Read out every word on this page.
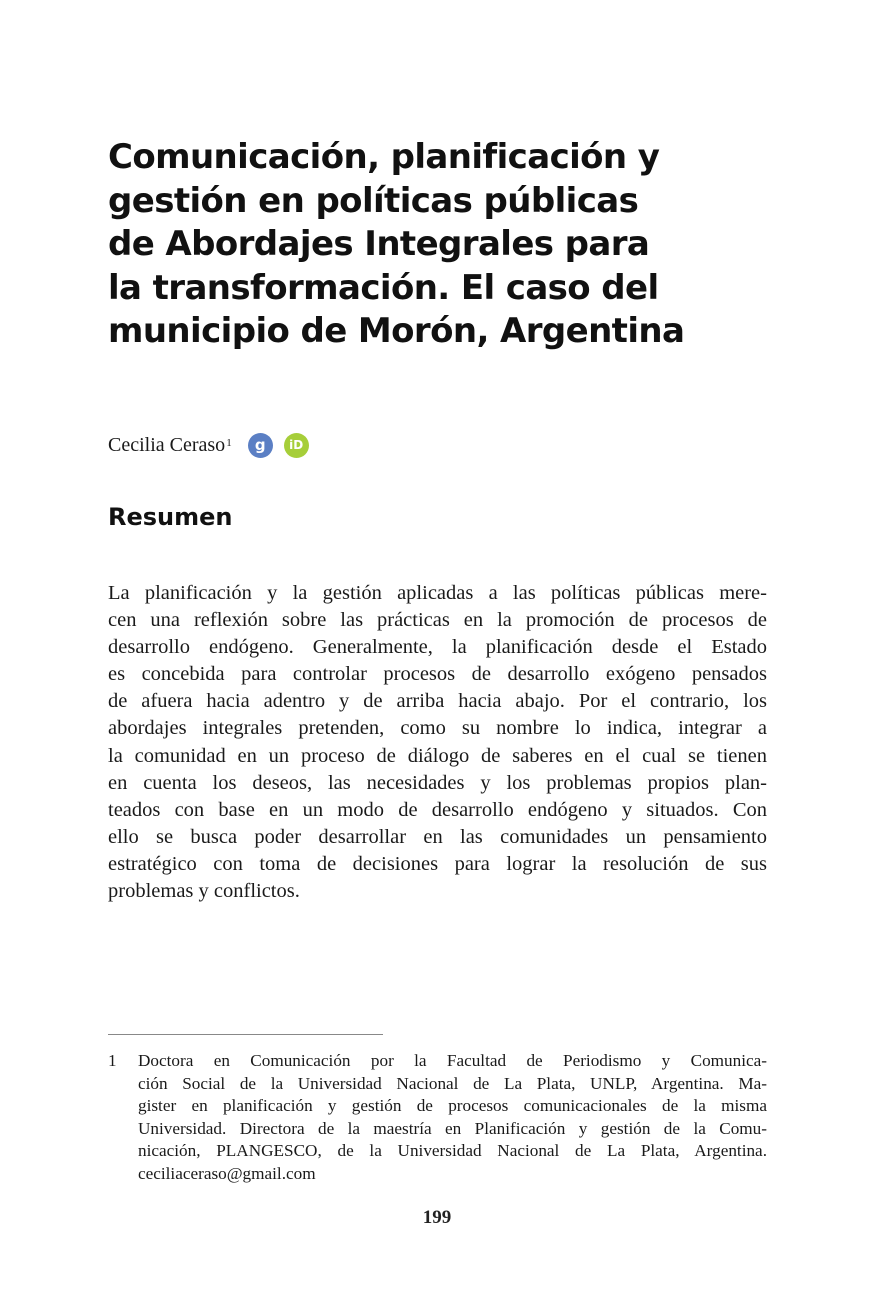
Comunicación, planificación y
gestión en políticas públicas
de Abordajes Integrales para
la transformación. El caso del
municipio de Morón, Argentina
Cecilia Ceraso$^1$	g	iD
Resumen
La planificación y la gestión aplicadas a las políticas públicas mere-
cen una reflexión sobre las prácticas en la promoción de procesos de
desarrollo endógeno. Generalmente, la planificación desde el Estado
es concebida para controlar procesos de desarrollo exógeno pensados
de afuera hacia adentro y de arriba hacia abajo. Por el contrario, los
abordajes integrales pretenden, como su nombre lo indica, integrar a
la comunidad en un proceso de diálogo de saberes en el cual se tienen
en cuenta los deseos, las necesidades y los problemas propios plan-
teados con base en un modo de desarrollo endógeno y situados. Con
ello se busca poder desarrollar en las comunidades un pensamiento
estratégico con toma de decisiones para lograr la resolución de sus
problemas y conflictos.
1 Doctora en Comunicación por la Facultad de Periodismo y Comunica-
ción Social de la Universidad Nacional de La Plata, UNLP, Argentina. Ma-
gister en planificación y gestión de procesos comunicacionales de la misma
Universidad. Directora de la maestría en Planificación y gestión de la Comu-
nicación, PLANGESCO, de la Universidad Nacional de La Plata, Argentina.
ceciliaceraso@gmail.com
199
